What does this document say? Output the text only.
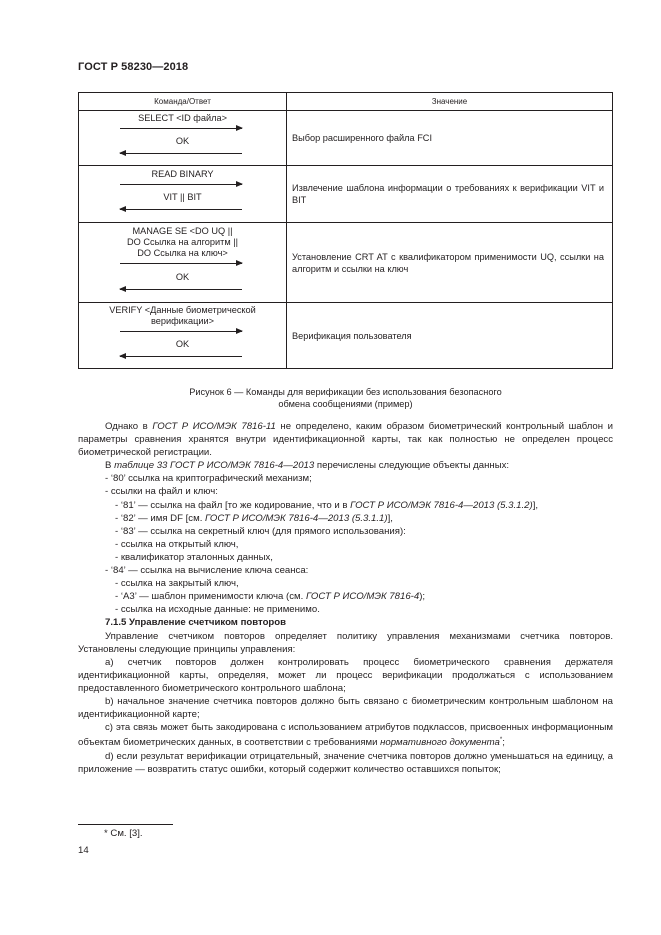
ГОСТ Р 58230—2018
Команда/Ответ	Значение

SELECT <ID файла>
OK	Выбор расширенного файла FCI

READ BINARY
VIT || BIT	Извлечение шаблона информации о требованиях к верификации VIT и BIT

MANAGE SE <DO UQ ||
DO Ссылка на алгоритм ||
DO Ссылка на ключ>
OK	Установление CRT AT с квалификатором применимости UQ, ссылки на алгоритм и ссылки на ключ

VERIFY <Данные биометрической
верификации>
OK	Верификация пользователя
Рисунок 6 — Команды для верификации без использования безопасного
обмена сообщениями (пример)

Однако в ГОСТ Р ИСО/МЭК 7816-11 не определено, каким образом биометрический контрольный шаблон и параметры сравнения хранятся внутри идентификационной карты, так как полностью не определен процесс биометрической регистрации.

В таблице 33 ГОСТ Р ИСО/МЭК 7816-4—2013 перечислены следующие объекты данных:

- ‘80’ ссылка на криптографический механизм;

- ссылки на файл и ключ:

- ‘81’ — ссылка на файл [то же кодирование, что и в ГОСТ Р ИСО/МЭК 7816-4—2013 (5.3.1.2)],

- ‘82’ — имя DF [см. ГОСТ Р ИСО/МЭК 7816-4—2013 (5.3.1.1)],

- ‘83’ — ссылка на секретный ключ (для прямого использования):

- ссылка на открытый ключ,

- квалификатор эталонных данных,

- ‘84’ — ссылка на вычисление ключа сеанса:

- ссылка на закрытый ключ,

- ‘A3’ — шаблон применимости ключа (см. ГОСТ Р ИСО/МЭК 7816-4);

- ссылка на исходные данные: не применимо.

7.1.5 Управление счетчиком повторов

Управление счетчиком повторов определяет политику управления механизмами счетчика повторов. Установлены следующие принципы управления:

а) счетчик повторов должен контролировать процесс биометрического сравнения держателя идентификационной карты, определяя, может ли процесс верификации продолжаться с использованием предоставленного биометрического контрольного шаблона;

b) начальное значение счетчика повторов должно быть связано с биометрическим контрольным шаблоном на идентификационной карте;

с) эта связь может быть закодирована с использованием атрибутов подклассов, присвоенных информационным объектам биометрических данных, в соответствии с требованиями нормативного документа*;

d) если результат верификации отрицательный, значение счетчика повторов должно уменьшаться на единицу, а приложение — возвратить статус ошибки, который содержит количество оставшихся попыток;

* См. [3].
14
